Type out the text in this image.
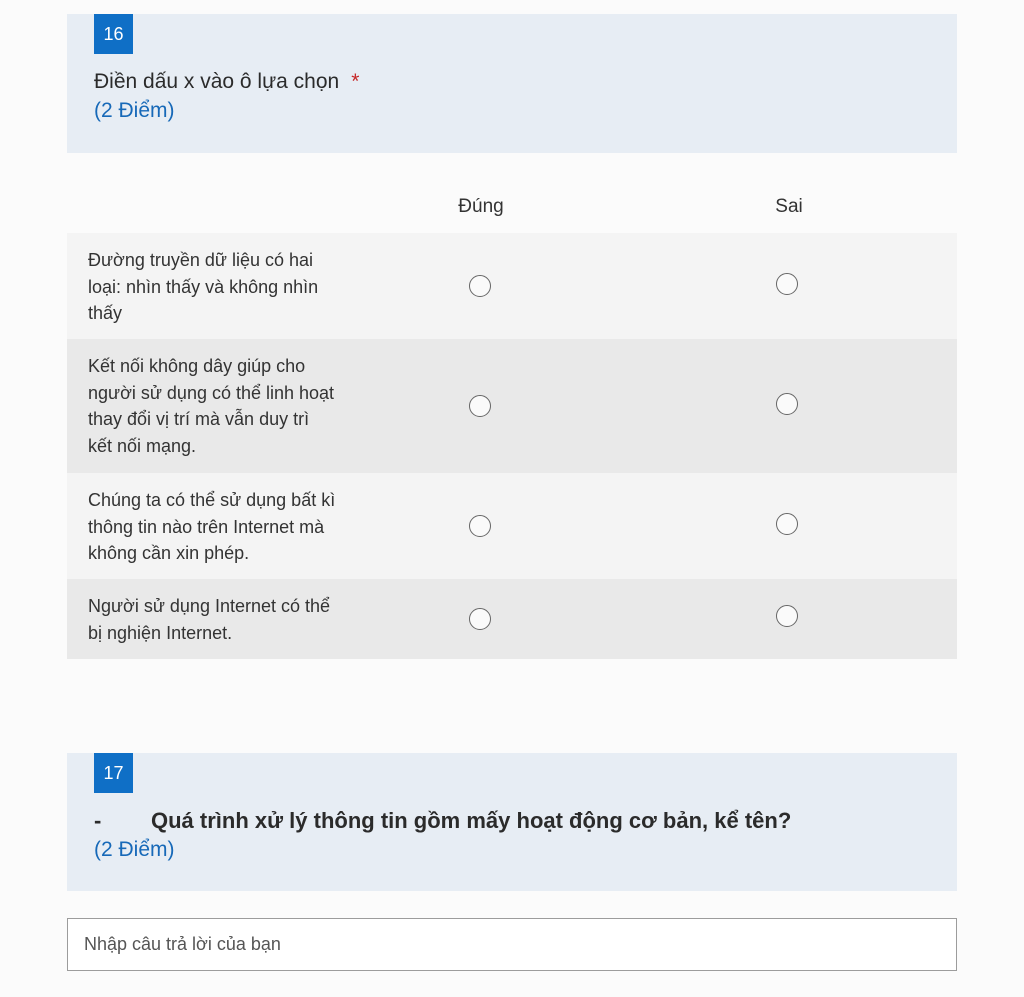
16
Điền dấu x vào ô lựa chọn *
(2 Điểm)
Đúng	Sai
Đường truyền dữ liệu có hai loại: nhìn thấy và không nhìn thấy
Kết nối không dây giúp cho người sử dụng có thể linh hoạt thay đổi vị trí mà vẫn duy trì kết nối mạng.
Chúng ta có thể sử dụng bất kì thông tin nào trên Internet mà không cần xin phép.
Người sử dụng Internet có thể bị nghiện Internet.
17
- Quá trình xử lý thông tin gồm mấy hoạt động cơ bản, kể tên?
(2 Điểm)
Nhập câu trả lời của bạn
